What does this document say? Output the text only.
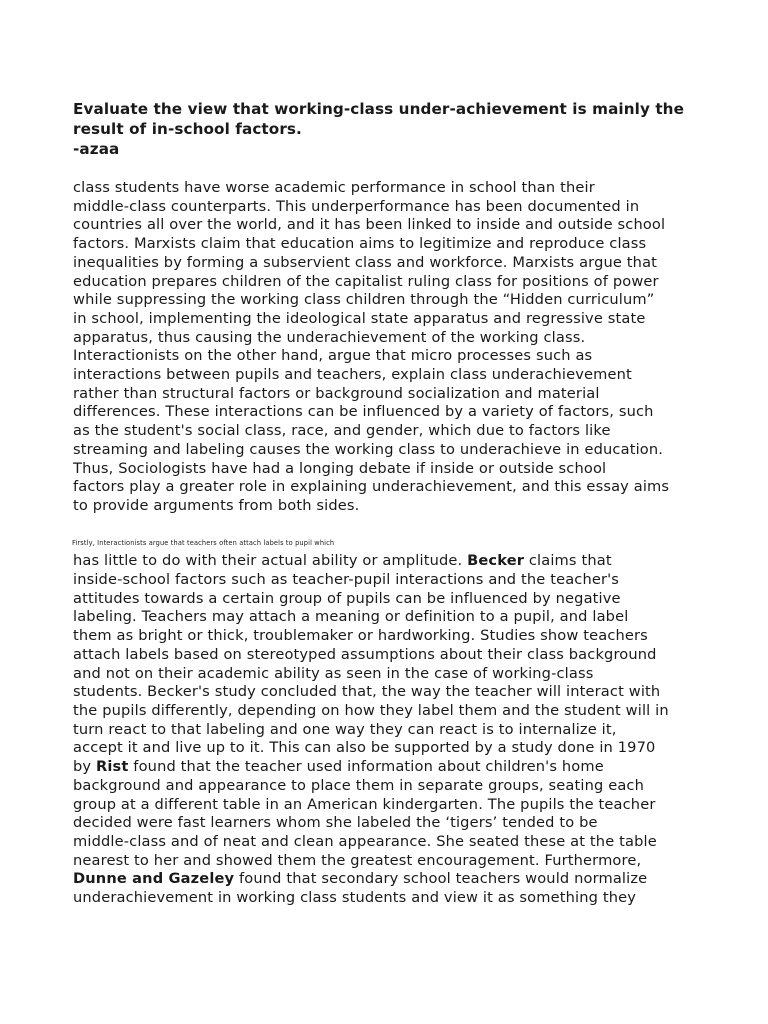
Evaluate the view that working-class under-achievement is mainly the
result of in-school factors.
-azaa
class students have worse academic performance in school than their
middle-class counterparts. This underperformance has been documented in
countries all over the world, and it has been linked to inside and outside school
factors. Marxists claim that education aims to legitimize and reproduce class
inequalities by forming a subservient class and workforce. Marxists argue that
education prepares children of the capitalist ruling class for positions of power
while suppressing the working class children through the “Hidden curriculum”
in school, implementing the ideological state apparatus and regressive state
apparatus, thus causing the underachievement of the working class.
Interactionists on the other hand, argue that micro processes such as
interactions between pupils and teachers, explain class underachievement
rather than structural factors or background socialization and material
differences. These interactions can be influenced by a variety of factors, such
as the student's social class, race, and gender, which due to factors like
streaming and labeling causes the working class to underachieve in education.
Thus, Sociologists have had a longing debate if inside or outside school
factors play a greater role in explaining underachievement, and this essay aims
to provide arguments from both sides.
Firstly, Interactionists argue that teachers often attach labels to pupil which
has little to do with their actual ability or amplitude. Becker claims that
inside-school factors such as teacher-pupil interactions and the teacher's
attitudes towards a certain group of pupils can be influenced by negative
labeling. Teachers may attach a meaning or definition to a pupil, and label
them as bright or thick, troublemaker or hardworking. Studies show teachers
attach labels based on stereotyped assumptions about their class background
and not on their academic ability as seen in the case of working-class
students. Becker's study concluded that, the way the teacher will interact with
the pupils differently, depending on how they label them and the student will in
turn react to that labeling and one way they can react is to internalize it,
accept it and live up to it. This can also be supported by a study done in 1970
by Rist found that the teacher used information about children's home
background and appearance to place them in separate groups, seating each
group at a different table in an American kindergarten. The pupils the teacher
decided were fast learners whom she labeled the ‘tigers’ tended to be
middle-class and of neat and clean appearance. She seated these at the table
nearest to her and showed them the greatest encouragement. Furthermore,
Dunne and Gazeley found that secondary school teachers would normalize
underachievement in working class students and view it as something they
